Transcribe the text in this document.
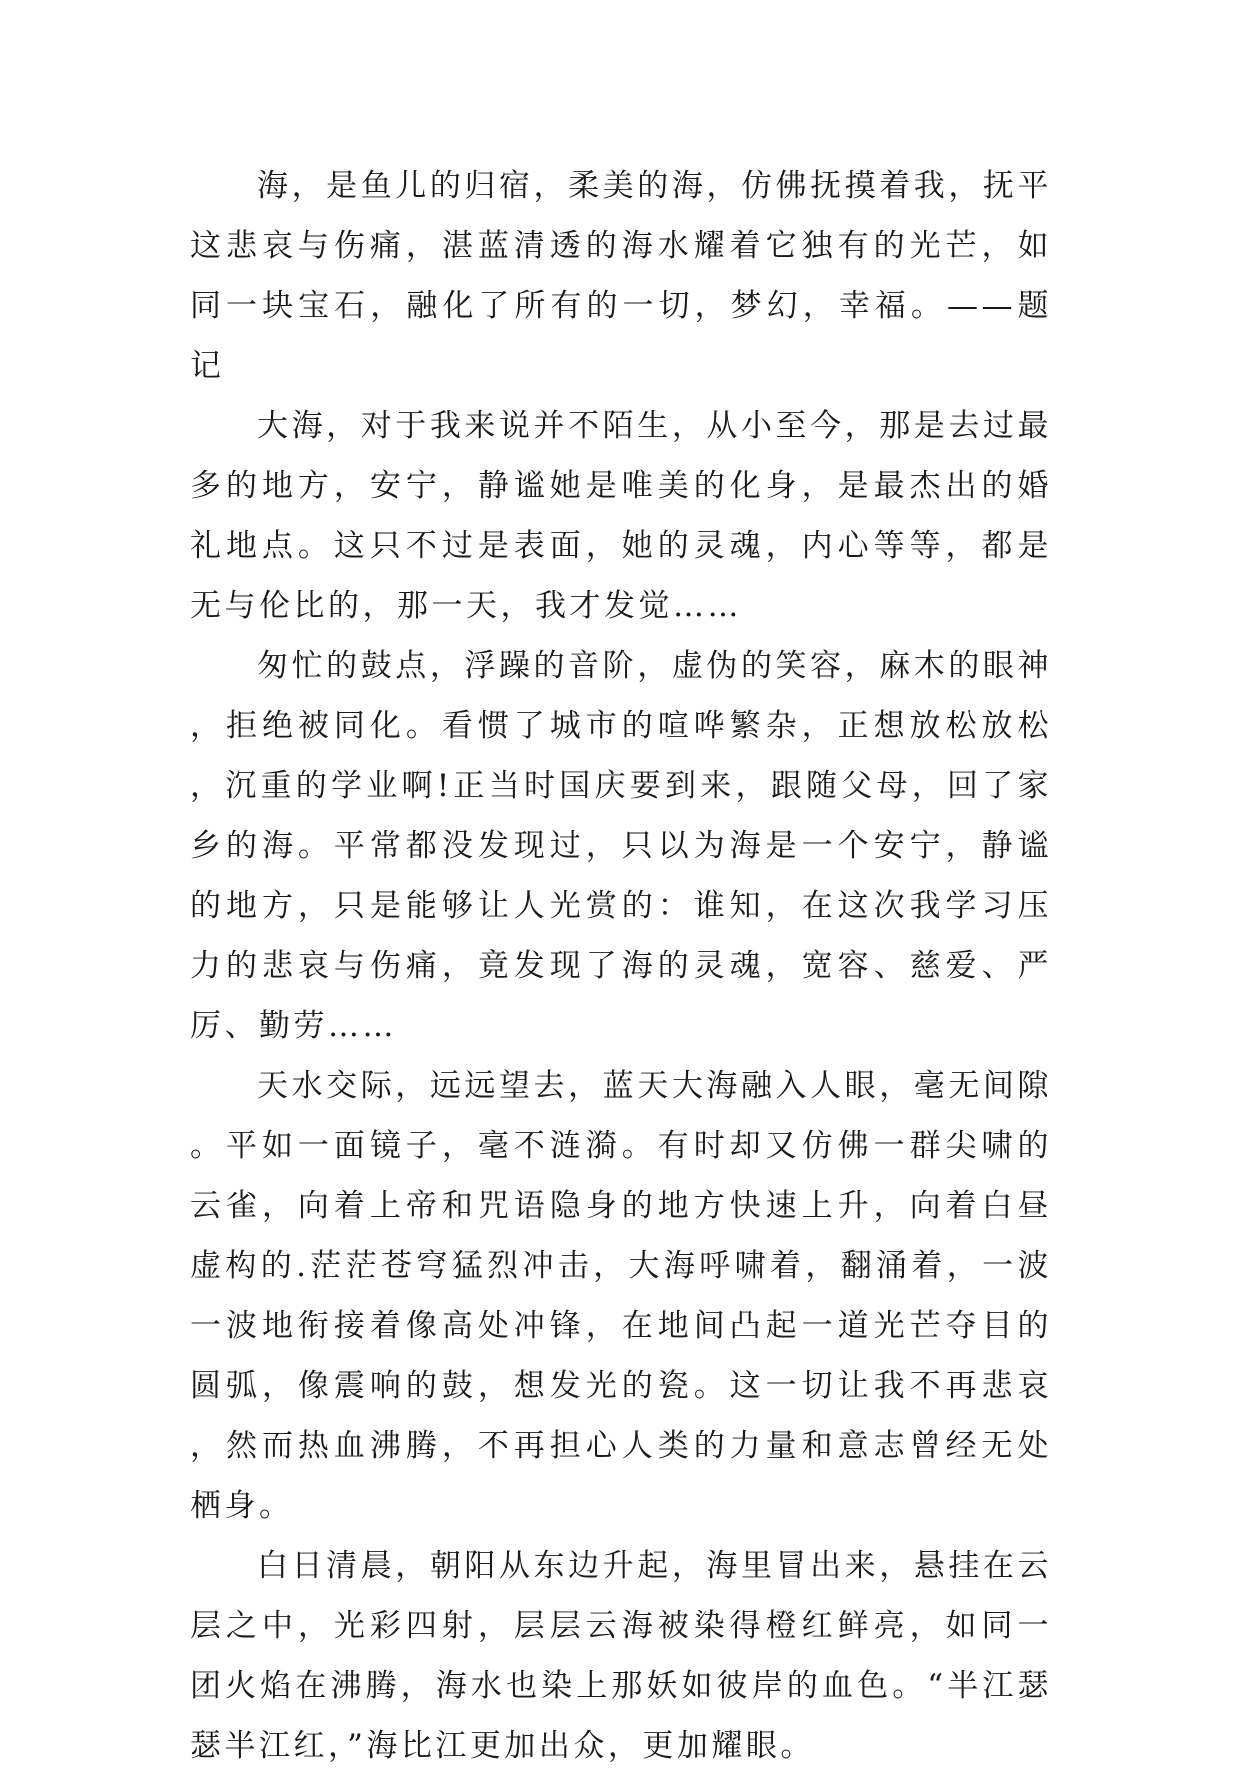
海，是鱼儿的归宿，柔美的海，仿佛抚摸着我，抚平这悲哀与伤痛，湛蓝清透的海水耀着它独有的光芒，如同一块宝石，融化了所有的一切，梦幻，幸福。——题记

大海，对于我来说并不陌生，从小至今，那是去过最多的地方，安宁，静谧她是唯美的化身，是最杰出的婚礼地点。这只不过是表面，她的灵魂，内心等等，都是无与伦比的，那一天，我才发觉……

匆忙的鼓点，浮躁的音阶，虚伪的笑容，麻木的眼神，拒绝被同化。看惯了城市的喧哗繁杂，正想放松放松，沉重的学业啊!正当时国庆要到来，跟随父母，回了家乡的海。平常都没发现过，只以为海是一个安宁，静谧的地方，只是能够让人光赏的：谁知，在这次我学习压力的悲哀与伤痛，竟发现了海的灵魂，宽容、慈爱、严厉、勤劳……

天水交际，远远望去，蓝天大海融入人眼，毫无间隙。平如一面镜子，毫不涟漪。有时却又仿佛一群尖啸的云雀，向着上帝和咒语隐身的地方快速上升，向着白昼虚构的.茫茫苍穹猛烈冲击，大海呼啸着，翻涌着，一波一波地衔接着像高处冲锋，在地间凸起一道光芒夺目的圆弧，像震响的鼓，想发光的瓷。这一切让我不再悲哀，然而热血沸腾，不再担心人类的力量和意志曾经无处栖身。

白日清晨，朝阳从东边升起，海里冒出来，悬挂在云层之中，光彩四射，层层云海被染得橙红鲜亮，如同一团火焰在沸腾，海水也染上那妖如彼岸的血色。“半江瑟瑟半江红，”海比江更加出众，更加耀眼。
